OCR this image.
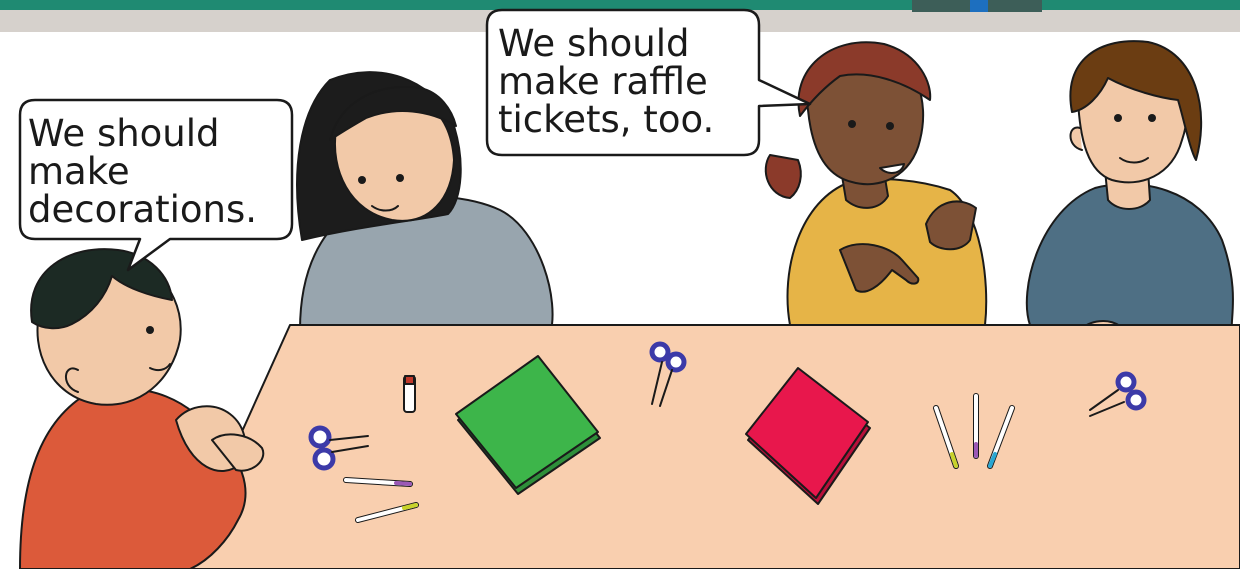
We should
make
decorations.
We should
make raffle
tickets, too.
